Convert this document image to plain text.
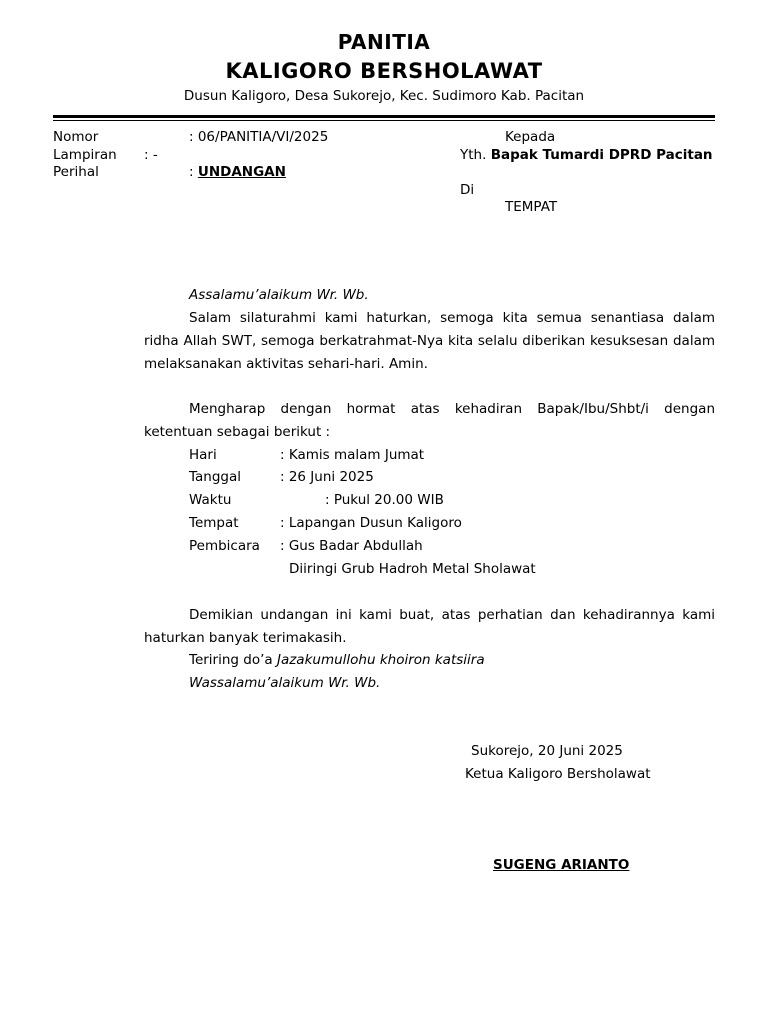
PANITIA
KALIGORO BERSHOLAWAT
Dusun Kaligoro, Desa Sukorejo, Kec. Sudimoro Kab. Pacitan
Nomor	: 06/PANITIA/VI/2025
Lampiran : -
Perihal	: UNDANGAN
Kepada
Yth. Bapak Tumardi DPRD Pacitan
Di
TEMPAT
Assalamu’alaikum Wr. Wb.
Salam silaturahmi kami haturkan, semoga kita semua senantiasa dalam ridha Allah SWT, semoga berkatrahmat-Nya kita selalu diberikan kesuksesan dalam melaksanakan aktivitas sehari-hari. Amin.
Mengharap dengan hormat atas kehadiran Bapak/Ibu/Shbt/i dengan ketentuan sebagai berikut :
Hari	: Kamis malam Jumat
Tanggal	: 26 Juni 2025
Waktu	: Pukul 20.00 WIB
Tempat	: Lapangan Dusun Kaligoro
Pembicara : Gus Badar Abdullah
Diiringi Grub Hadroh Metal Sholawat
Demikian undangan ini kami buat, atas perhatian dan kehadirannya kami haturkan banyak terimakasih.
Teriring do’a Jazakumullohu khoiron katsiira
Wassalamu’alaikum Wr. Wb.
Sukorejo, 20 Juni 2025
Ketua Kaligoro Bersholawat
SUGENG ARIANTO
